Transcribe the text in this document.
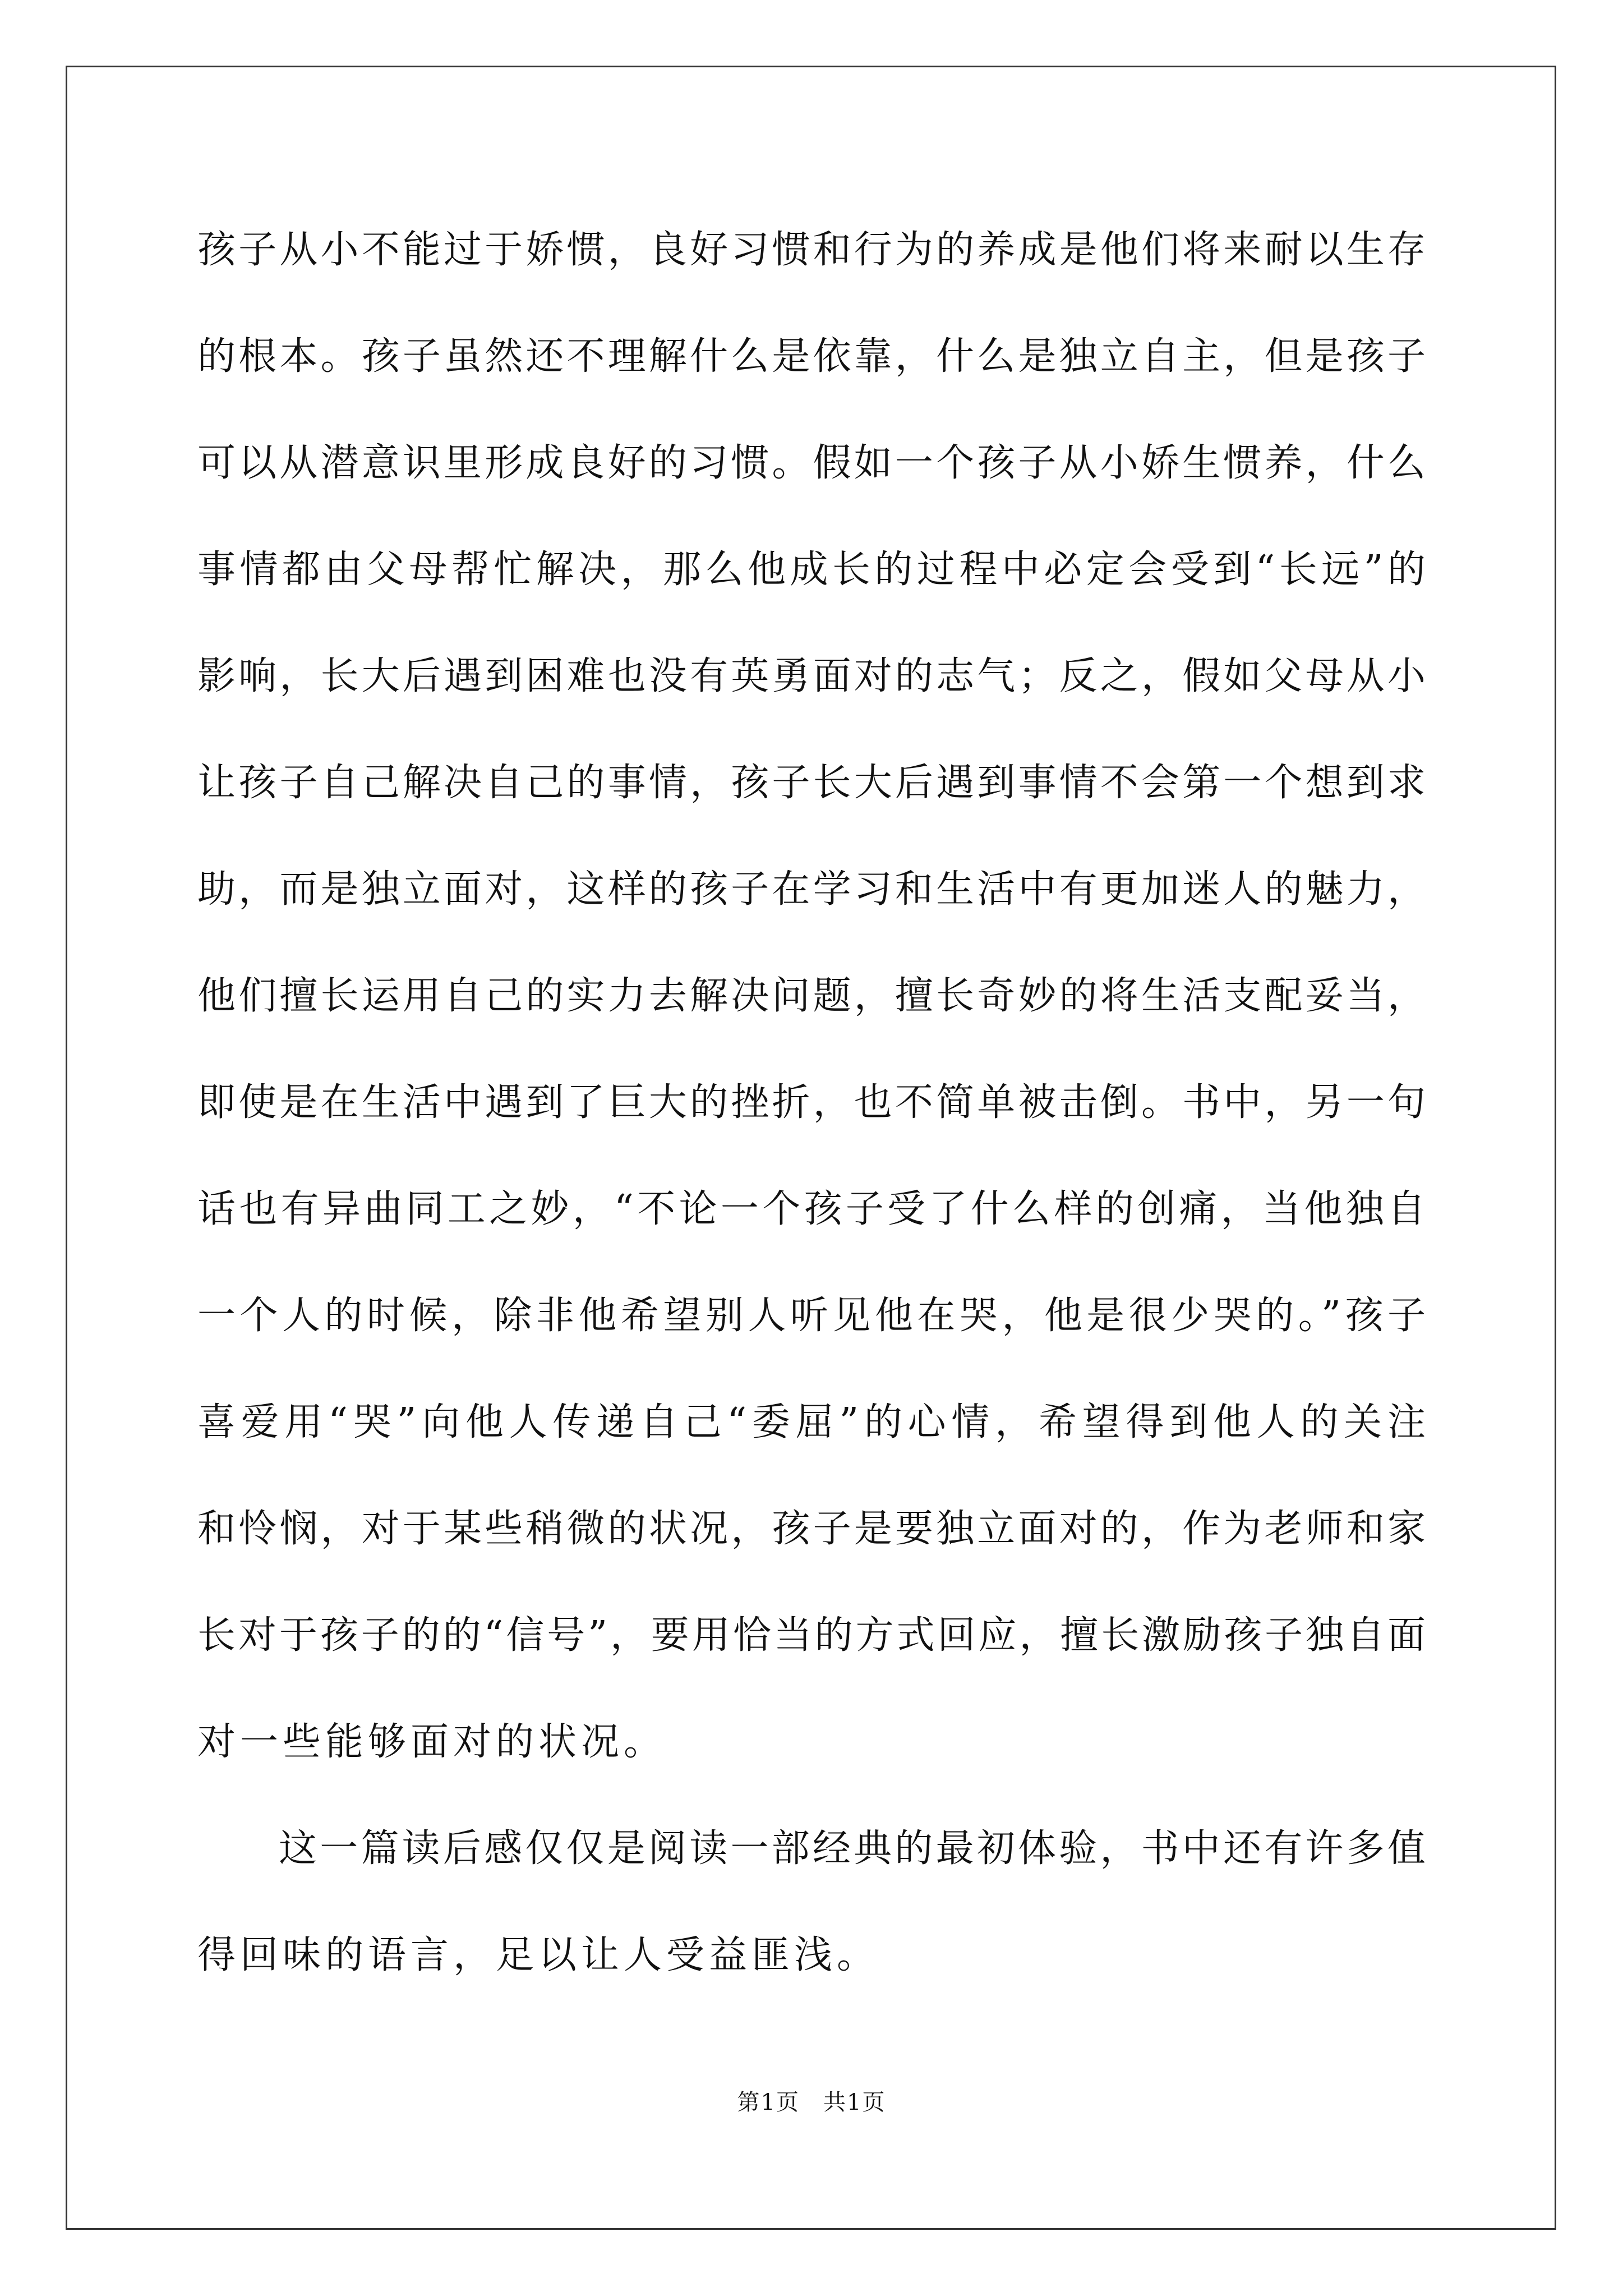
孩子从小不能过于娇惯，良好习惯和行为的养成是他们将来耐以生存
的根本。孩子虽然还不理解什么是依靠，什么是独立自主，但是孩子
可以从潜意识里形成良好的习惯。假如一个孩子从小娇生惯养，什么
事情都由父母帮忙解决，那么他成长的过程中必定会受到“长远”的
影响，长大后遇到困难也没有英勇面对的志气；反之，假如父母从小
让孩子自己解决自己的事情，孩子长大后遇到事情不会第一个想到求
助，而是独立面对，这样的孩子在学习和生活中有更加迷人的魅力，
他们擅长运用自己的实力去解决问题，擅长奇妙的将生活支配妥当，
即使是在生活中遇到了巨大的挫折，也不简单被击倒。书中，另一句
话也有异曲同工之妙，“不论一个孩子受了什么样的创痛，当他独自
一个人的时候，除非他希望别人听见他在哭，他是很少哭的。”孩子
喜爱用“哭”向他人传递自己“委屈”的心情，希望得到他人的关注
和怜悯，对于某些稍微的状况，孩子是要独立面对的，作为老师和家
长对于孩子的的“信号”，要用恰当的方式回应，擅长激励孩子独自面
对一些能够面对的状况。
这一篇读后感仅仅是阅读一部经典的最初体验，书中还有许多值
得回味的语言，足以让人受益匪浅。
第1页　共1页
